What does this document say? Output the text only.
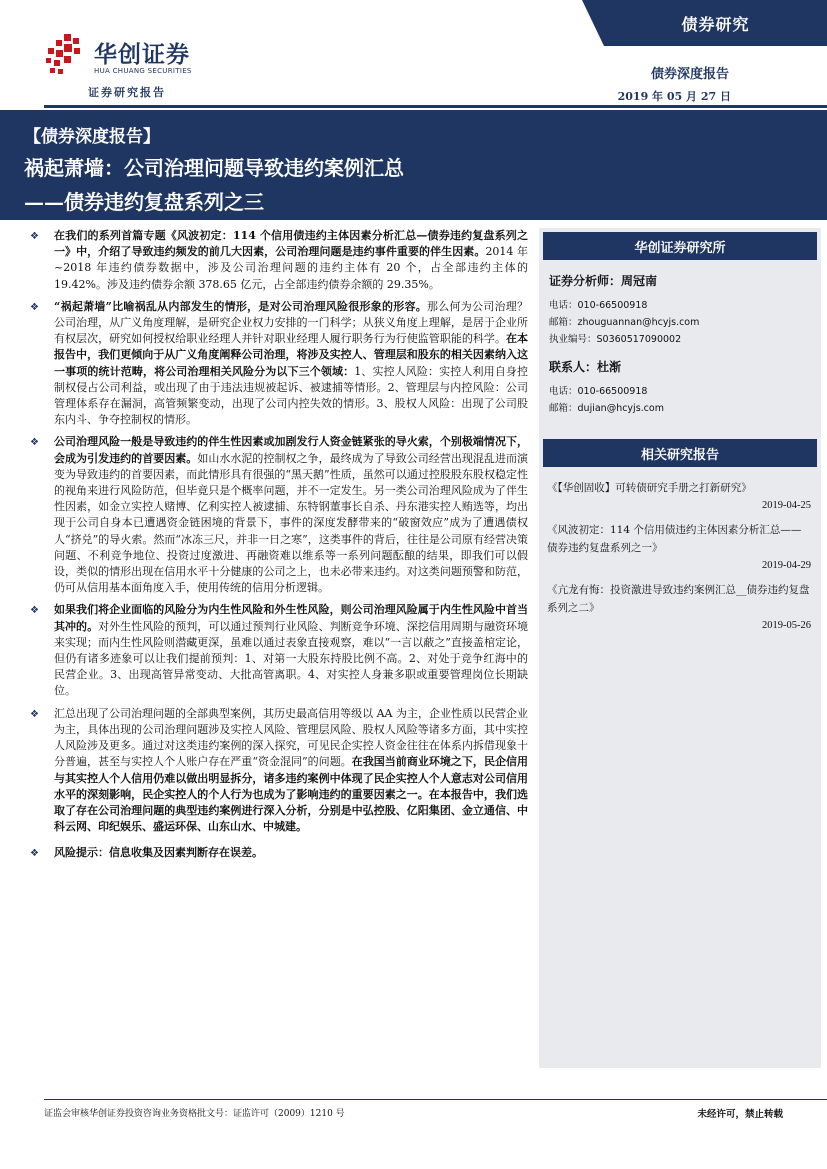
债券研究
华创证券
HUA CHUANG SECURITIES
证券研究报告
债券深度报告
2019 年 05 月 27 日
【债券深度报告】
祸起萧墙：公司治理问题导致违约案例汇总
——债券违约复盘系列之三
❖ 在我们的系列首篇专题《风波初定：114 个信用债违约主体因素分析汇总—债券违约复盘系列之一》中，介绍了导致违约频发的前几大因素，公司治理问题是违约事件重要的伴生因素。2014 年~2018 年违约债券数据中，涉及公司治理问题的违约主体有 20 个，占全部违约主体的 19.42%。涉及违约债券余额 378.65 亿元，占全部违约债券余额的 29.35%。
❖ “祸起萧墙”比喻祸乱从内部发生的情形，是对公司治理风险很形象的形容。那么何为公司治理？公司治理，从广义角度理解，是研究企业权力安排的一门科学；从狭义角度上理解，是居于企业所有权层次，研究如何授权给职业经理人并针对职业经理人履行职务行为行使监管职能的科学。在本报告中，我们更倾向于从广义角度阐释公司治理，将涉及实控人、管理层和股东的相关因素纳入这一事项的统计范畴，将公司治理相关风险分为以下三个领域：1、实控人风险：实控人利用自身控制权侵占公司利益，或出现了由于违法违规被起诉、被逮捕等情形。2、管理层与内控风险：公司管理体系存在漏洞，高管频繁变动，出现了公司内控失效的情形。3、股权人风险：出现了公司股东内斗、争夺控制权的情形。
❖ 公司治理风险一般是导致违约的伴生性因素或加剧发行人资金链紧张的导火索，个别极端情况下，会成为引发违约的首要因素。如山水水泥的控制权之争，最终成为了导致公司经营出现混乱进而演变为导致违约的首要因素，而此情形具有很强的“黑天鹅”性质，虽然可以通过控股股东股权稳定性的视角来进行风险防范，但毕竟只是个概率问题，并不一定发生。另一类公司治理风险成为了伴生性因素，如金立实控人赌博、亿利实控人被逮捕、东特钢董事长自杀、丹东港实控人贿选等，均出现于公司自身本已遭遇资金链困境的背景下，事件的深度发酵带来的“破窗效应”成为了遭遇债权人“挤兑”的导火索。然而“冰冻三尺，并非一日之寒”，这类事件的背后，往往是公司原有经营决策问题、不利竞争地位、投资过度激进、再融资难以维系等一系列问题酝酿的结果，即我们可以假设，类似的情形出现在信用水平十分健康的公司之上，也未必带来违约。对这类问题预警和防范，仍可从信用基本面角度入手，使用传统的信用分析逻辑。
❖ 如果我们将企业面临的风险分为内生性风险和外生性风险，则公司治理风险属于内生性风险中首当其冲的。对外生性风险的预判，可以通过预判行业风险、判断竞争环境、深挖信用周期与融资环境来实现；而内生性风险则潜藏更深，虽难以通过表象直接观察，难以“一言以蔽之”直接盖棺定论，但仍有诸多迹象可以让我们提前预判：1、对第一大股东持股比例不高。2、对处于竞争红海中的民营企业。3、出现高管异常变动、大批高管离职。4、对实控人身兼多职或重要管理岗位长期缺位。
❖ 汇总出现了公司治理问题的全部典型案例，其历史最高信用等级以 AA 为主，企业性质以民营企业为主，具体出现的公司治理问题涉及实控人风险、管理层风险、股权人风险等诸多方面，其中实控人风险涉及更多。通过对这类违约案例的深入探究，可见民企实控人资金往往在体系内拆借现象十分普遍，甚至与实控人个人账户存在严重“资金混同”的问题。在我国当前商业环境之下，民企信用与其实控人个人信用仍难以做出明显拆分，诸多违约案例中体现了民企实控人个人意志对公司信用水平的深刻影响，民企实控人的个人行为也成为了影响违约的重要因素之一。在本报告中，我们选取了存在公司治理问题的典型违约案例进行深入分析，分别是中弘控股、亿阳集团、金立通信、中科云网、印纪娱乐、盛运环保、山东山水、中城建。
❖ 风险提示：信息收集及因素判断存在误差。
华创证券研究所
证券分析师：周冠南
电话：010-66500918
邮箱：zhouguannan@hcyjs.com
执业编号：S0360517090002
联系人：杜渐
电话：010-66500918
邮箱：dujian@hcyjs.com
相关研究报告
《【华创固收】可转债研究手册之打新研究》
2019-04-25
《风波初定：114 个信用债违约主体因素分析汇总——债券违约复盘系列之一》
2019-04-29
《亢龙有悔：投资激进导致违约案例汇总__债券违约复盘系列之二》
2019-05-26
证监会审核华创证券投资咨询业务资格批文号：证监许可（2009）1210 号	未经许可，禁止转载
